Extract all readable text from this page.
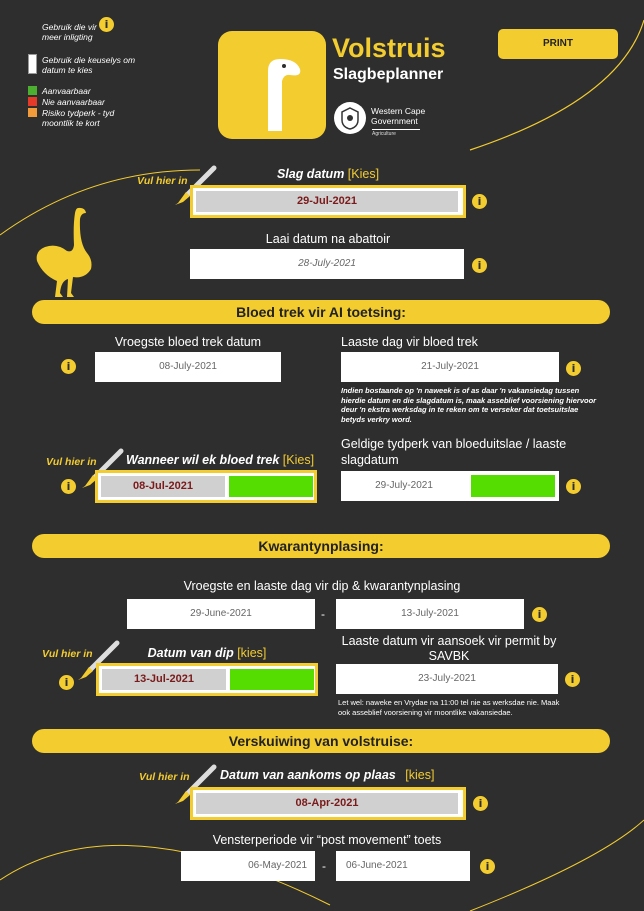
Gebruik die vir meer inligting
i
Gebruik die keuselys om datum te kies
Aanvaarbaar
Nie aanvaarbaar
Risiko tydperk - tyd moontlik te kort
Volstruis
Slagbeplanner
Western Cape
Government
Agriculture
PRINT
Vul hier in	Slag datum [Kies]
29-Jul-2021	i
Laai datum na abattoir
28-July-2021	i
Bloed trek vir AI toetsing:
Vroegste bloed trek datum
i	08-July-2021
Laaste dag vir bloed trek
21-July-2021	i
Indien bostaande op 'n naweek is of as daar 'n vakansiedag tussen hierdie datum en die slagdatum is, maak asseblief voorsiening hiervoor deur 'n ekstra werksdag in te reken om te verseker dat toetsuitslae betyds verkry word.
Vul hier in Wanneer wil ek bloed trek [Kies]
i	08-Jul-2021
Geldige tydperk van bloeduitslae / laaste slagdatum
29-July-2021	i
Kwarantynplasing:
Vroegste en laaste dag vir dip & kwarantynplasing
29-June-2021	-	13-July-2021	i
Vul hier in	Datum van dip [kies]
i	13-Jul-2021
Laaste datum vir aansoek vir permit by SAVBK
23-July-2021	i
Let wel: naweke en Vrydae na 11:00 tel nie as werksdae nie. Maak ook asseblief voorsiening vir moontlike vakansiedae.
Verskuiwing van volstruise:
Vul hier in Datum van aankoms op plaas [kies]
08-Apr-2021	i
Vensterperiode vir “post movement” toets
06-May-2021	-	06-June-2021	i
